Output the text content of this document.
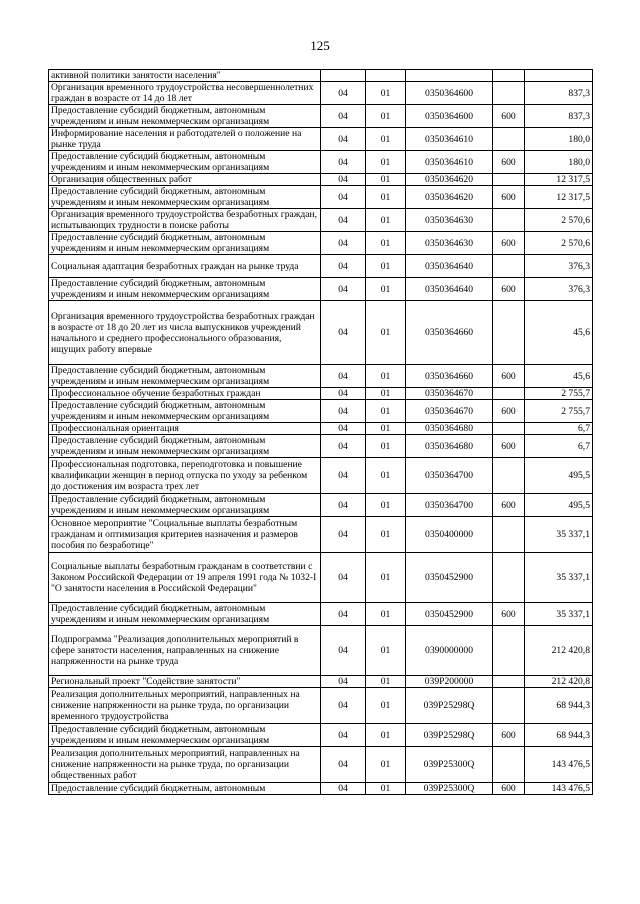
125
активной политики занятости населения"					
Организация временного трудоустройства несовершеннолетних граждан в возрасте от 14 до 18 лет	04	01	0350364600		837,3
Предоставление субсидий бюджетным, автономным учреждениям и иным некоммерческим организациям	04	01	0350364600	600	837,3
Информирование населения и работодателей о положение на рынке труда	04	01	0350364610		180,0
Предоставление субсидий бюджетным, автономным учреждениям и иным некоммерческим организациям	04	01	0350364610	600	180,0
Организация общественных работ	04	01	0350364620		12 317,5
Предоставление субсидий бюджетным, автономным учреждениям и иным некоммерческим организациям	04	01	0350364620	600	12 317,5
Организация временного трудоустройства безработных граждан, испытывающих трудности в поиске работы	04	01	0350364630		2 570,6
Предоставление субсидий бюджетным, автономным учреждениям и иным некоммерческим организациям	04	01	0350364630	600	2 570,6
Социальная адаптация безработных граждан на рынке труда	04	01	0350364640		376,3
Предоставление субсидий бюджетным, автономным учреждениям и иным некоммерческим организациям	04	01	0350364640	600	376,3
Организация временного трудоустройства безработных граждан в возрасте от 18 до 20 лет из числа выпускников учреждений начального и среднего профессионального образования, ищущих работу впервые	04	01	0350364660		45,6
Предоставление субсидий бюджетным, автономным учреждениям и иным некоммерческим организациям	04	01	0350364660	600	45,6
Профессиональное обучение безработных граждан	04	01	0350364670		2 755,7
Предоставление субсидий бюджетным, автономным учреждениям и иным некоммерческим организациям	04	01	0350364670	600	2 755,7
Профессиональная ориентация	04	01	0350364680		6,7
Предоставление субсидий бюджетным, автономным учреждениям и иным некоммерческим организациям	04	01	0350364680	600	6,7
Профессиональная подготовка, переподготовка и повышение квалификации женщин в период отпуска по уходу за ребенком до достижения им возраста трех лет	04	01	0350364700		495,5
Предоставление субсидий бюджетным, автономным учреждениям и иным некоммерческим организациям	04	01	0350364700	600	495,5
Основное мероприятие "Социальные выплаты безработным гражданам и оптимизация критериев назначения и размеров пособия по безработице"	04	01	0350400000		35 337,1
Социальные выплаты безработным гражданам в соответствии с Законом Российской Федерации от 19 апреля 1991 года № 1032-I "О занятости населения в Российской Федерации"	04	01	0350452900		35 337,1
Предоставление субсидий бюджетным, автономным учреждениям и иным некоммерческим организациям	04	01	0350452900	600	35 337,1
Подпрограмма "Реализация дополнительных мероприятий в сфере занятости населения, направленных на снижение напряженности на рынке труда	04	01	0390000000		212 420,8
Региональный проект "Содействие занятости"	04	01	039P200000		212 420,8
Реализация дополнительных мероприятий, направленных на снижение напряженности на рынке труда, по организации временного трудоустройства	04	01	039P25298Q		68 944,3
Предоставление субсидий бюджетным, автономным учреждениям и иным некоммерческим организациям	04	01	039P25298Q	600	68 944,3
Реализация дополнительных мероприятий, направленных на снижение напряженности на рынке труда, по организации общественных работ	04	01	039P25300Q		143 476,5
Предоставление субсидий бюджетным, автономным	04	01	039P25300Q	600	143 476,5
